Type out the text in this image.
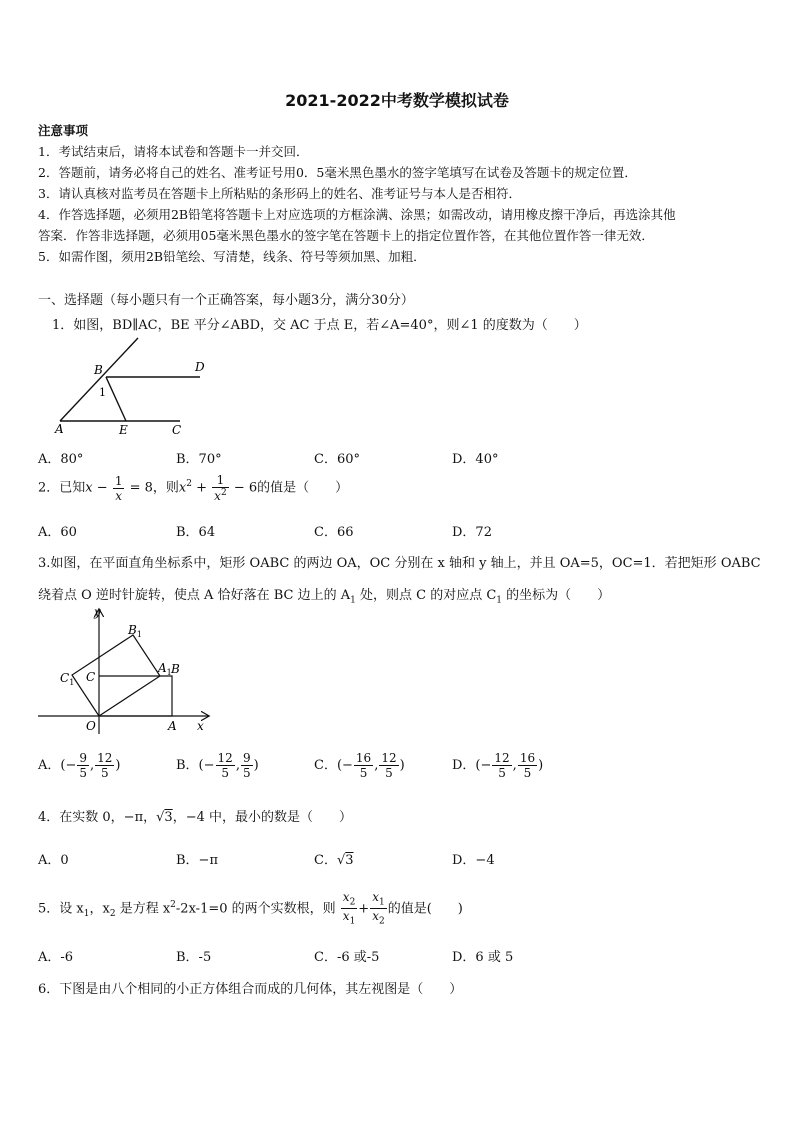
2021-2022中考数学模拟试卷
注意事项
1．考试结束后，请将本试卷和答题卡一并交回．
2．答题前，请务必将自己的姓名、准考证号用0．5毫米黑色墨水的签字笔填写在试卷及答题卡的规定位置．
3．请认真核对监考员在答题卡上所粘贴的条形码上的姓名、准考证号与本人是否相符．
4．作答选择题，必须用2B铅笔将答题卡上对应选项的方框涂满、涂黑；如需改动，请用橡皮擦干净后，再选涂其他
答案．作答非选择题，必须用05毫米黑色墨水的签字笔在答题卡上的指定位置作答，在其他位置作答一律无效．
5．如需作图，须用2B铅笔绘、写清楚，线条、符号等须加黑、加粗．
一、选择题（每小题只有一个正确答案，每小题3分，满分30分）
1．如图，BD∥AC，BE 平分∠ABD，交 AC 于点 E，若∠A=40°，则∠1 的度数为（　　）
B	D
1
A	E	C
A．80°	B．70°	C．60°	D．40°
2．已知$x - \frac{1}{x} = 8$，则$x^2 + \frac{1}{x^2} - 6$的值是（　　）
A．60	B．64	C．66	D．72
3.如图，在平面直角坐标系中，矩形 OABC 的两边 OA，OC 分别在 x 轴和 y 轴上，并且 OA=5，OC=1．若把矩形 OABC
绕着点 O 逆时针旋转，使点 A 恰好落在 BC 边上的 $A_1$ 处，则点 C 的对应点 $C_1$ 的坐标为（　　）
y
x
$B_1$
$A_1$ B
$C_1$ C
O	A
A．(− $\frac{9}{5}$ , $\frac{12}{5}$ )	B．(− $\frac{12}{5}$ , $\frac{9}{5}$ )	C．(− $\frac{16}{5}$ , $\frac{12}{5}$ )	D．(− $\frac{12}{5}$ , $\frac{16}{5}$ )
4．在实数 0，−π，√3，−4 中，最小的数是（　　）
A．0	B．−π	C．√3	D．−4
5．设 $x_1$，$x_2$ 是方程 $x^2-2x-1=0$ 的两个实数根，则 $\frac{x_2}{x_1} + \frac{x_1}{x_2}$ 的值是(　　)
A．-6	B．-5	C．-6 或-5	D．6 或 5
6．下图是由八个相同的小正方体组合而成的几何体，其左视图是（　　）
